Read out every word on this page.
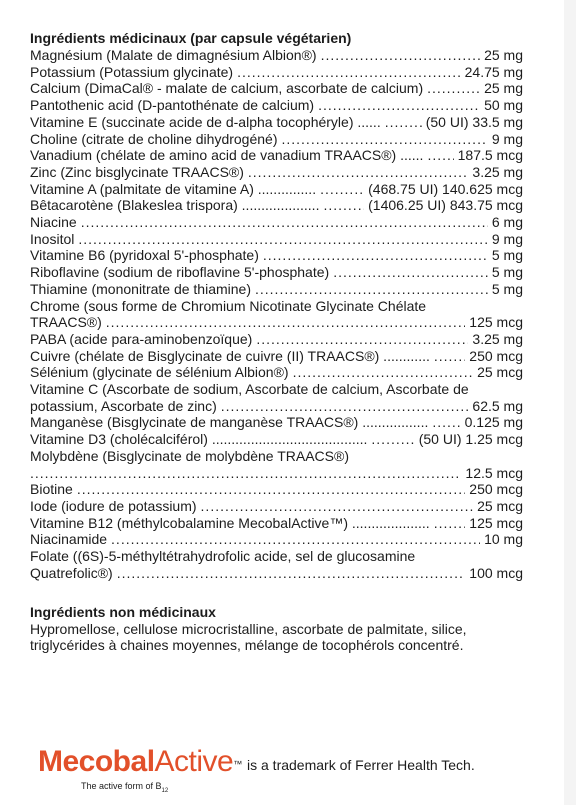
Ingrédients médicinaux (par capsule végétarien)

Magnésium (Malate de dimagnésium Albion®) .....	25 mg
Potassium (Potassium glycinate) .....	24.75 mg
Calcium (DimaCal® - malate de calcium, ascorbate de calcium) .....	25 mg
Pantothenic acid (D-pantothénate de calcium) .....	50 mg
Vitamine E (succinate acide de d-alpha tocophéryle) ...... .....	(50 UI) 33.5 mg
Choline (citrate de choline dihydrogéné) .....	9 mg
Vanadium (chélate de amino acid de vanadium TRAACS®) ...... ..... 187.5 mcg
Zinc (Zinc bisglycinate TRAACS®) .....	3.25 mg
Vitamine A (palmitate de vitamine A) ............... .....	(468.75 UI) 140.625 mcg
Bêtacarotène (Blakeslea trispora) .................... .....	(1406.25 UI) 843.75 mcg
Niacine .....	6 mg
Inositol .....	9 mg
Vitamine B6 (pyridoxal 5'-phosphate) .....	5 mg
Riboflavine (sodium de riboflavine 5'-phosphate) .....	5 mg
Thiamine (mononitrate de thiamine) .....	5 mg
Chrome (sous forme de Chromium Nicotinate Glycinate Chélate
TRAACS®) .....	125 mcg
PABA (acide para-aminobenzoïque) .....	3.25 mg
Cuivre (chélate de Bisglycinate de cuivre (II) TRAACS®) ............ .....	250 mcg
Sélénium (glycinate de sélénium Albion®) .....	25 mcg
Vitamine C (Ascorbate de sodium, Ascorbate de calcium, Ascorbate de
potassium, Ascorbate de zinc) .....	62.5 mg
Manganèse (Bisglycinate de manganèse TRAACS®) ................. .....	0.125 mg
Vitamine D3 (cholécalciférol) ........................................ .....	(50 UI) 1.25 mcg
Molybdène (Bisglycinate de molybdène TRAACS®)
.....
12.5 mcg
Biotine .....	250 mcg
Iode (iodure de potassium) .....	25 mcg
Vitamine B12 (méthylcobalamine MecobalActive™) .................... .....	125 mcg
Niacinamide .....	10 mg
Folate ((6S)-5-méthyltétrahydrofolic acide, sel de glucosamine
Quatrefolic®) .....	100 mcg

Ingrédients non médicinaux

Hypromellose, cellulose microcristalline, ascorbate de palmitate, silice, triglycérides à chaines moyennes, mélange de tocophérols concentré.

MecobalActive™ is a trademark of Ferrer Health Tech.
The active form of $B_{12}$
